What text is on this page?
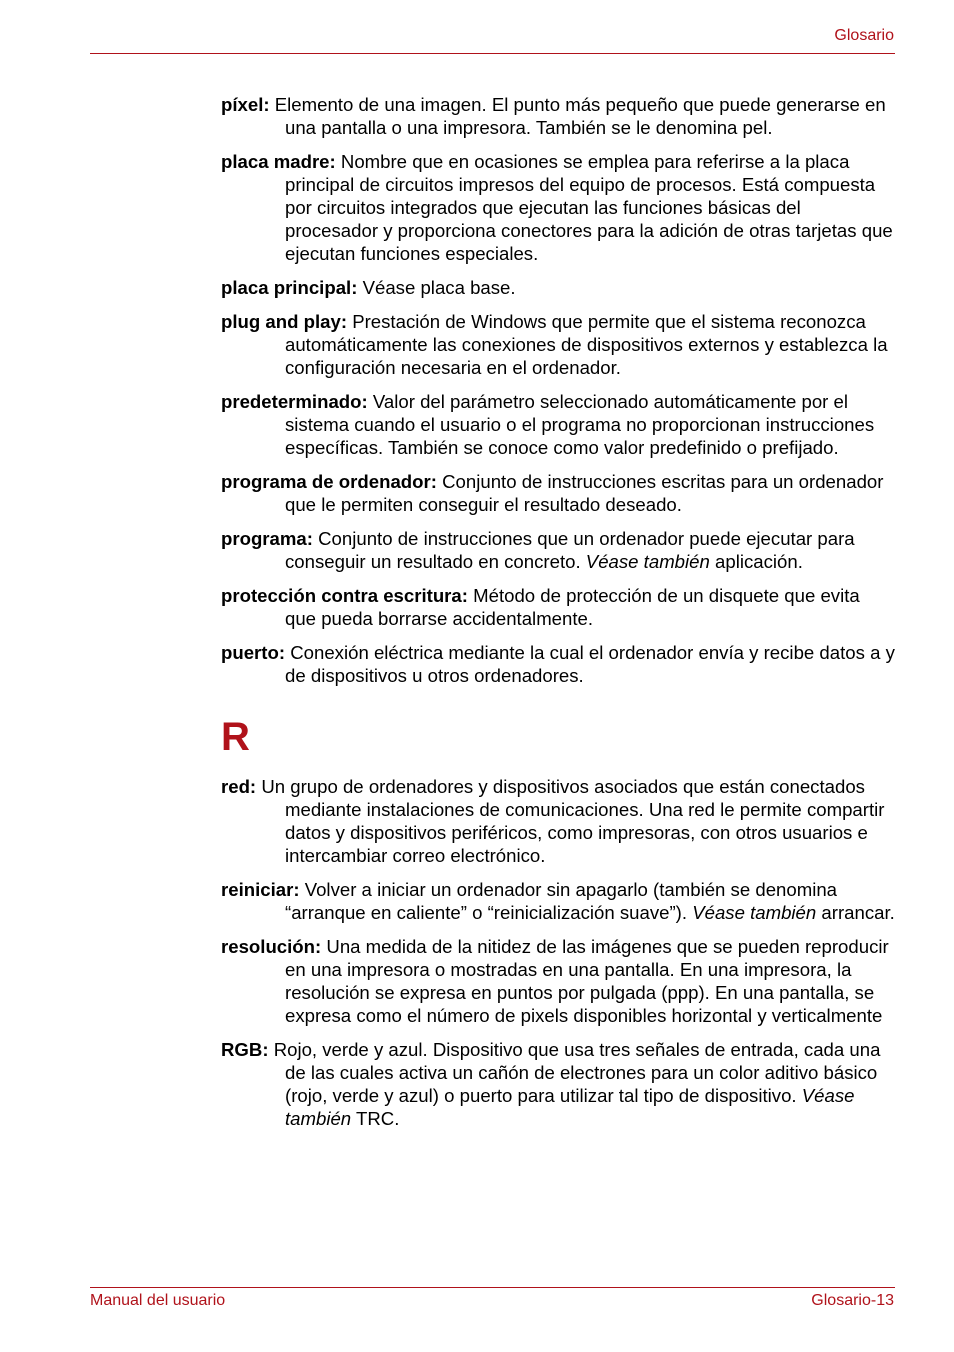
Glosario

píxel: Elemento de una imagen. El punto más pequeño que puede generarse en una pantalla o una impresora. También se le denomina pel.

placa madre: Nombre que en ocasiones se emplea para referirse a la placa principal de circuitos impresos del equipo de procesos. Está compuesta por circuitos integrados que ejecutan las funciones básicas del procesador y proporciona conectores para la adición de otras tarjetas que ejecutan funciones especiales.

placa principal: Véase placa base.

plug and play: Prestación de Windows que permite que el sistema reconozca automáticamente las conexiones de dispositivos externos y establezca la configuración necesaria en el ordenador.

predeterminado: Valor del parámetro seleccionado automáticamente por el sistema cuando el usuario o el programa no proporcionan instrucciones específicas. También se conoce como valor predefinido o prefijado.

programa de ordenador: Conjunto de instrucciones escritas para un ordenador que le permiten conseguir el resultado deseado.

programa: Conjunto de instrucciones que un ordenador puede ejecutar para conseguir un resultado en concreto. Véase también aplicación.

protección contra escritura: Método de protección de un disquete que evita que pueda borrarse accidentalmente.

puerto: Conexión eléctrica mediante la cual el ordenador envía y recibe datos a y de dispositivos u otros ordenadores.

R

red: Un grupo de ordenadores y dispositivos asociados que están conectados mediante instalaciones de comunicaciones. Una red le permite compartir datos y dispositivos periféricos, como impresoras, con otros usuarios e intercambiar correo electrónico.

reiniciar: Volver a iniciar un ordenador sin apagarlo (también se denomina “arranque en caliente” o “reinicialización suave”). Véase también arrancar.

resolución: Una medida de la nitidez de las imágenes que se pueden reproducir en una impresora o mostradas en una pantalla. En una impresora, la resolución se expresa en puntos por pulgada (ppp). En una pantalla, se expresa como el número de pixels disponibles horizontal y verticalmente

RGB: Rojo, verde y azul. Dispositivo que usa tres señales de entrada, cada una de las cuales activa un cañón de electrones para un color aditivo básico (rojo, verde y azul) o puerto para utilizar tal tipo de dispositivo. Véase también TRC.

Manual del usuario	Glosario-13
